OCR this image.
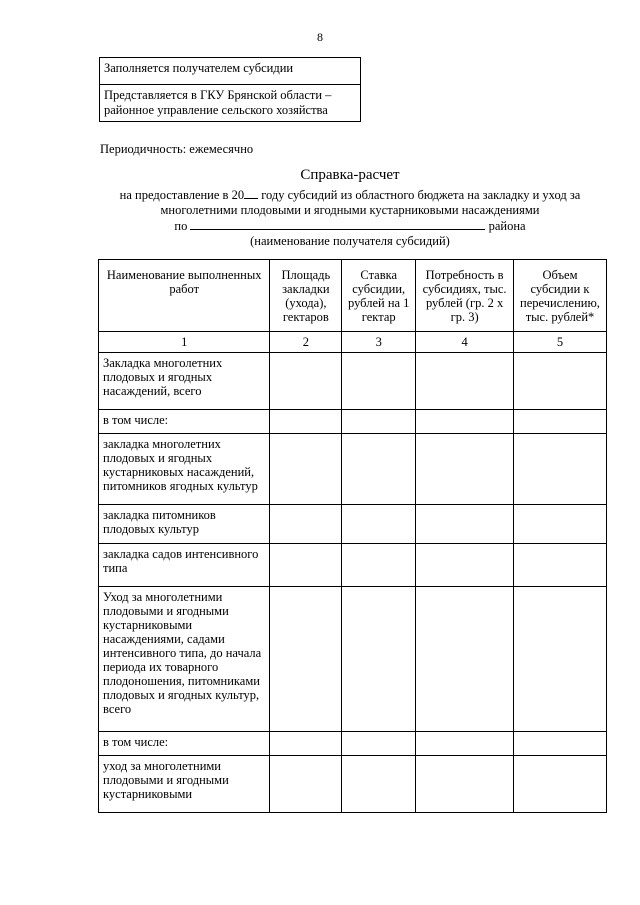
8
Заполняется получателем субсидии
Представляется в ГКУ Брянской области –
районное управление сельского хозяйства
Периодичность: ежемесячно
Справка-расчет
на предоставление в 20 году субсидий из областного бюджета на закладку и уход за
многолетними плодовыми и ягодными кустарниковыми насаждениями
по	района
(наименование получателя субсидий)
Наименование выполненных работ	Площадь закладки (ухода), гектаров	Ставка субсидии, рублей на 1 гектар	Потребность в субсидиях, тыс. рублей (гр. 2 х гр. 3)	Объем субсидии к перечислению, тыс. рублей*
1	2	3	4	5
Закладка многолетних плодовых и ягодных насаждений, всего				
в том числе:				
закладка многолетних плодовых и ягодных кустарниковых насаждений, питомников ягодных культур				
закладка питомников плодовых культур				
закладка садов интенсивного типа				
Уход за многолетними плодовыми и ягодными кустарниковыми насаждениями, садами интенсивного типа, до начала периода их товарного плодоношения, питомниками плодовых и ягодных культур, всего				
в том числе:				
уход за многолетними плодовыми и ягодными кустарниковыми				
